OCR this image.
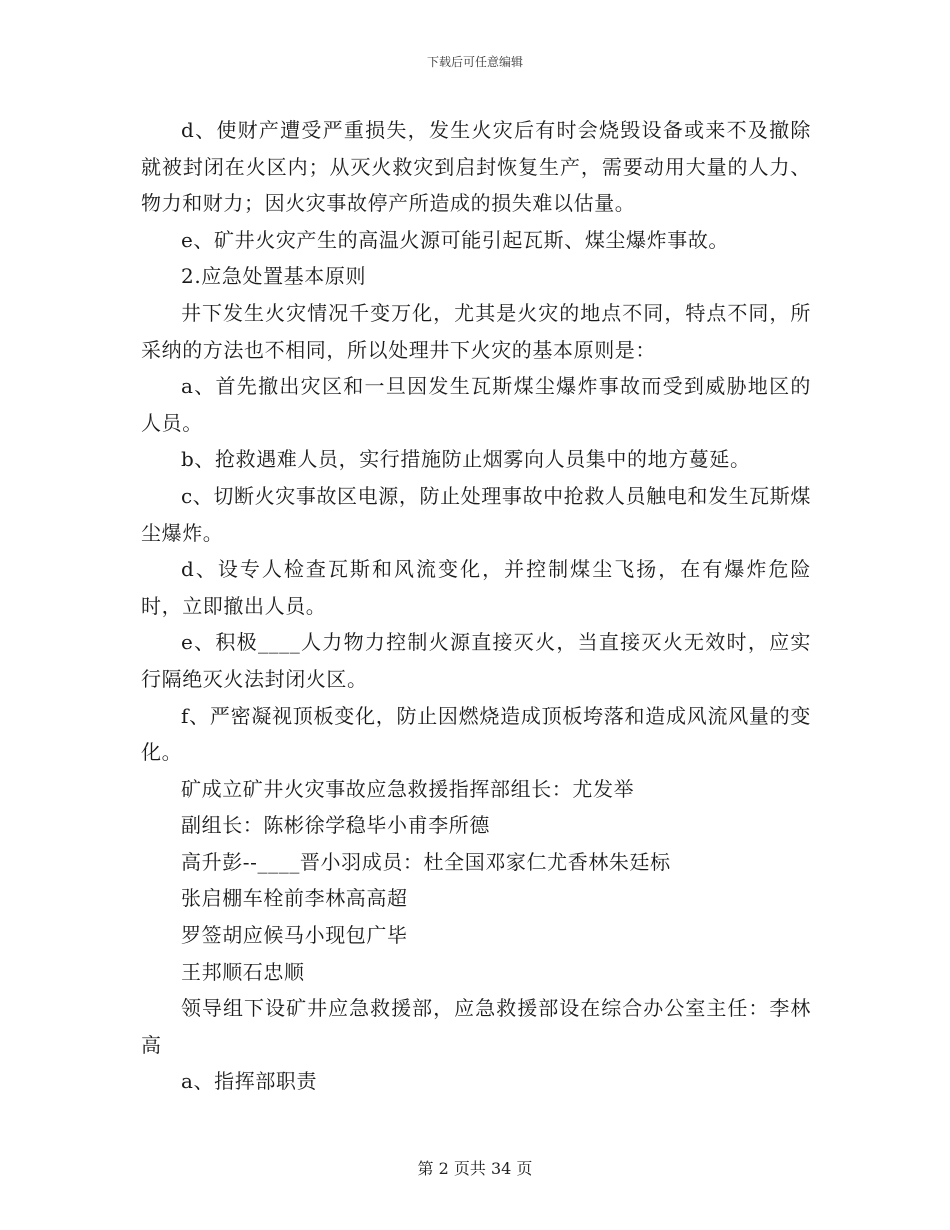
下载后可任意编辑

d、使财产遭受严重损失，发生火灾后有时会烧毁设备或来不及撤除就被封闭在火区内；从灭火救灾到启封恢复生产，需要动用大量的人力、物力和财力；因火灾事故停产所造成的损失难以估量。

e、矿井火灾产生的高温火源可能引起瓦斯、煤尘爆炸事故。

2.应急处置基本原则

井下发生火灾情况千变万化，尤其是火灾的地点不同，特点不同，所采纳的方法也不相同，所以处理井下火灾的基本原则是：

a、首先撤出灾区和一旦因发生瓦斯煤尘爆炸事故而受到威胁地区的人员。

b、抢救遇难人员，实行措施防止烟雾向人员集中的地方蔓延。

c、切断火灾事故区电源，防止处理事故中抢救人员触电和发生瓦斯煤尘爆炸。

d、设专人检查瓦斯和风流变化，并控制煤尘飞扬，在有爆炸危险时，立即撤出人员。

e、积极____人力物力控制火源直接灭火，当直接灭火无效时，应实行隔绝灭火法封闭火区。

f、严密凝视顶板变化，防止因燃烧造成顶板垮落和造成风流风量的变化。

矿成立矿井火灾事故应急救援指挥部组长：尤发举

副组长：陈彬徐学稳毕小甫李所德

高升彭--____晋小羽成员：杜全国邓家仁尤香林朱廷标

张启棚车栓前李林高高超

罗签胡应候马小现包广毕

王邦顺石忠顺

领导组下设矿井应急救援部，应急救援部设在综合办公室主任：李林高

a、指挥部职责

第 2 页共 34 页
